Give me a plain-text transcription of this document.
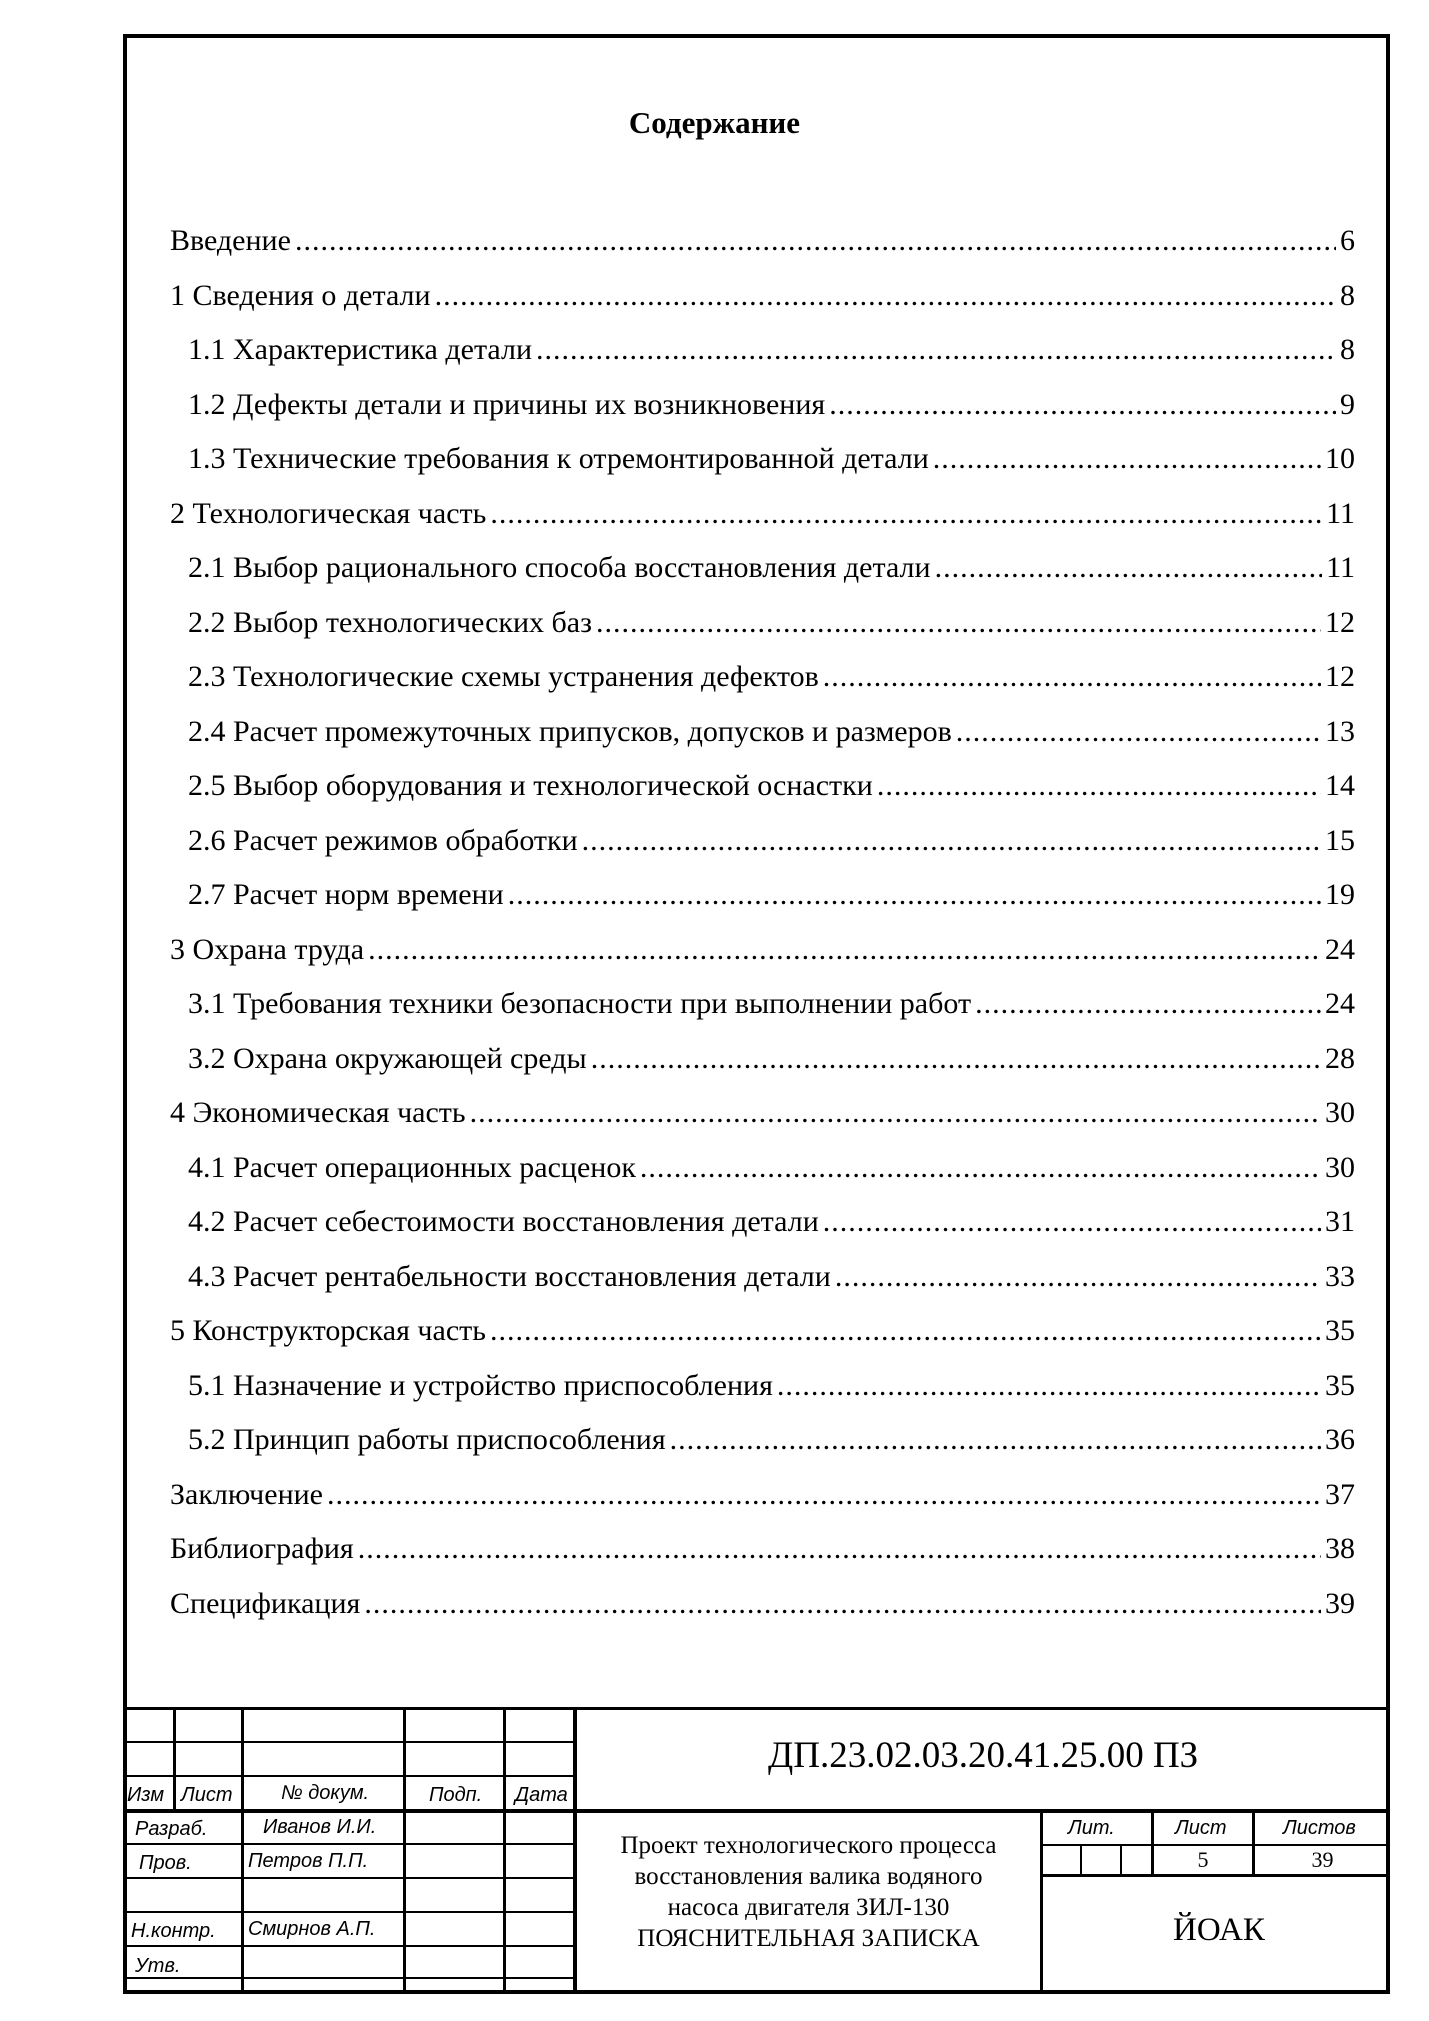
Содержание
Введение .....	6
1 Сведения о детали .....	8
1.1 Характеристика детали .....	8
1.2 Дефекты детали и причины их возникновения .....	9
1.3 Технические требования к отремонтированной детали .....	10
2 Технологическая часть .....	11
2.1 Выбор рационального способа восстановления детали .....	11
2.2 Выбор технологических баз .....	12
2.3 Технологические схемы устранения дефектов .....	12
2.4 Расчет промежуточных припусков, допусков и размеров .....	13
2.5 Выбор оборудования и технологической оснастки .....	14
2.6 Расчет режимов обработки .....	15
2.7 Расчет норм времени .....	19
3 Охрана труда .....	24
3.1 Требования техники безопасности при выполнении работ .....	24
3.2 Охрана окружающей среды .....	28
4 Экономическая часть .....	30
4.1 Расчет операционных расценок .....	30
4.2 Расчет себестоимости восстановления детали .....	31
4.3 Расчет рентабельности восстановления детали .....	33
5 Конструкторская часть .....	35
5.1 Назначение и устройство приспособления .....	35
5.2 Принцип работы приспособления .....	36
Заключение .....	37
Библиография .....	38
Спецификация .....	39
Изм Лист № докум.	Подп. Дата
Разраб.	Иванов И.И.
Пров.	Петров П.П.
Н.контр. Смирнов А.П.
Утв.
ДП.23.02.03.20.41.25.00 ПЗ
Проект технологического процесса
восстановления валика водяного
насоса двигателя ЗИЛ-130
ПОЯСНИТЕЛЬНАЯ ЗАПИСКА
Лит.	Лист	Листов
5	39
ЙОАК
